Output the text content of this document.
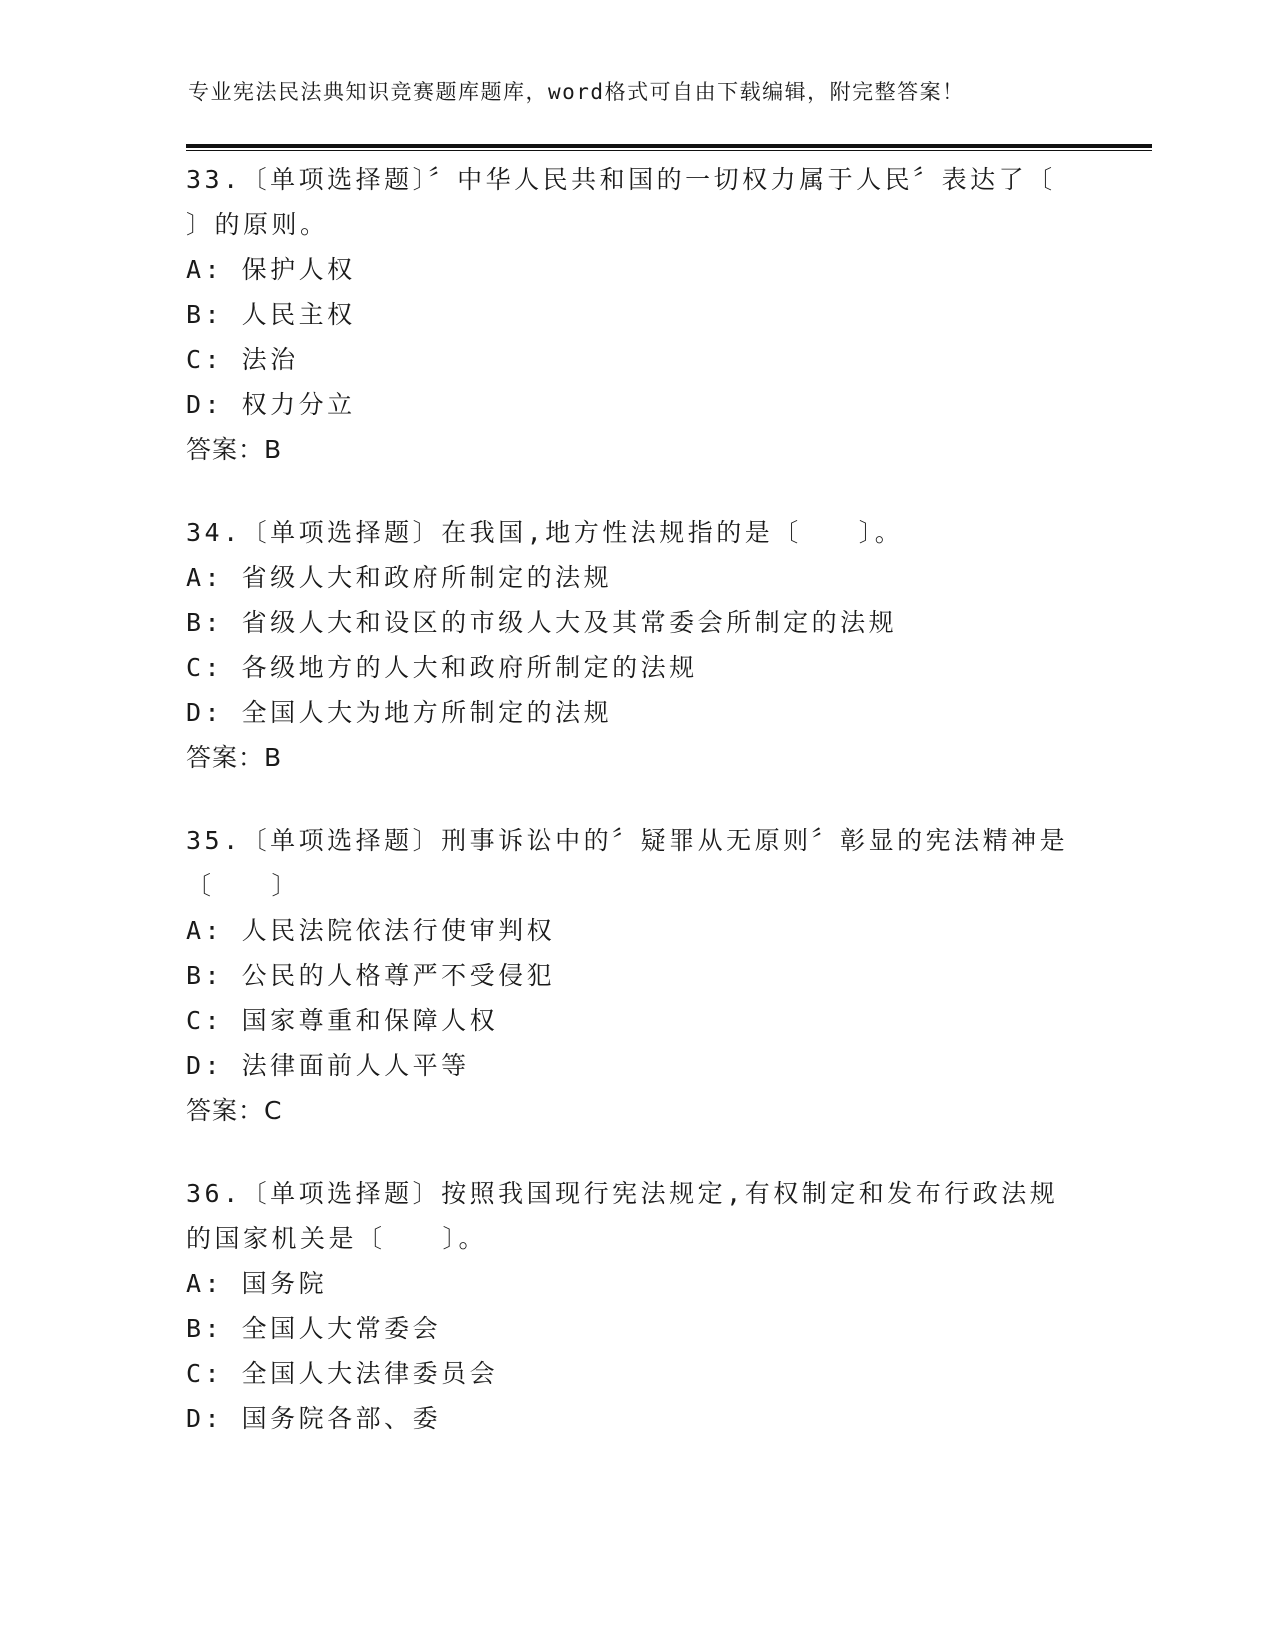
专业宪法民法典知识竞赛题库题库，word格式可自由下载编辑，附完整答案！
33.〔单项选择题〕〞中华人民共和国的一切权力属于人民〞表达了〔
〕的原则。
A: 保护人权
B: 人民主权
C: 法治
D: 权力分立
答案：B
34.〔单项选择题〕在我国,地方性法规指的是〔　　〕。
A: 省级人大和政府所制定的法规
B: 省级人大和设区的市级人大及其常委会所制定的法规
C: 各级地方的人大和政府所制定的法规
D: 全国人大为地方所制定的法规
答案：B
35.〔单项选择题〕刑事诉讼中的〞疑罪从无原则〞彰显的宪法精神是
〔　　〕
A: 人民法院依法行使审判权
B: 公民的人格尊严不受侵犯
C: 国家尊重和保障人权
D: 法律面前人人平等
答案：C
36.〔单项选择题〕按照我国现行宪法规定,有权制定和发布行政法规
的国家机关是〔　　〕。
A: 国务院
B: 全国人大常委会
C: 全国人大法律委员会
D: 国务院各部、委
